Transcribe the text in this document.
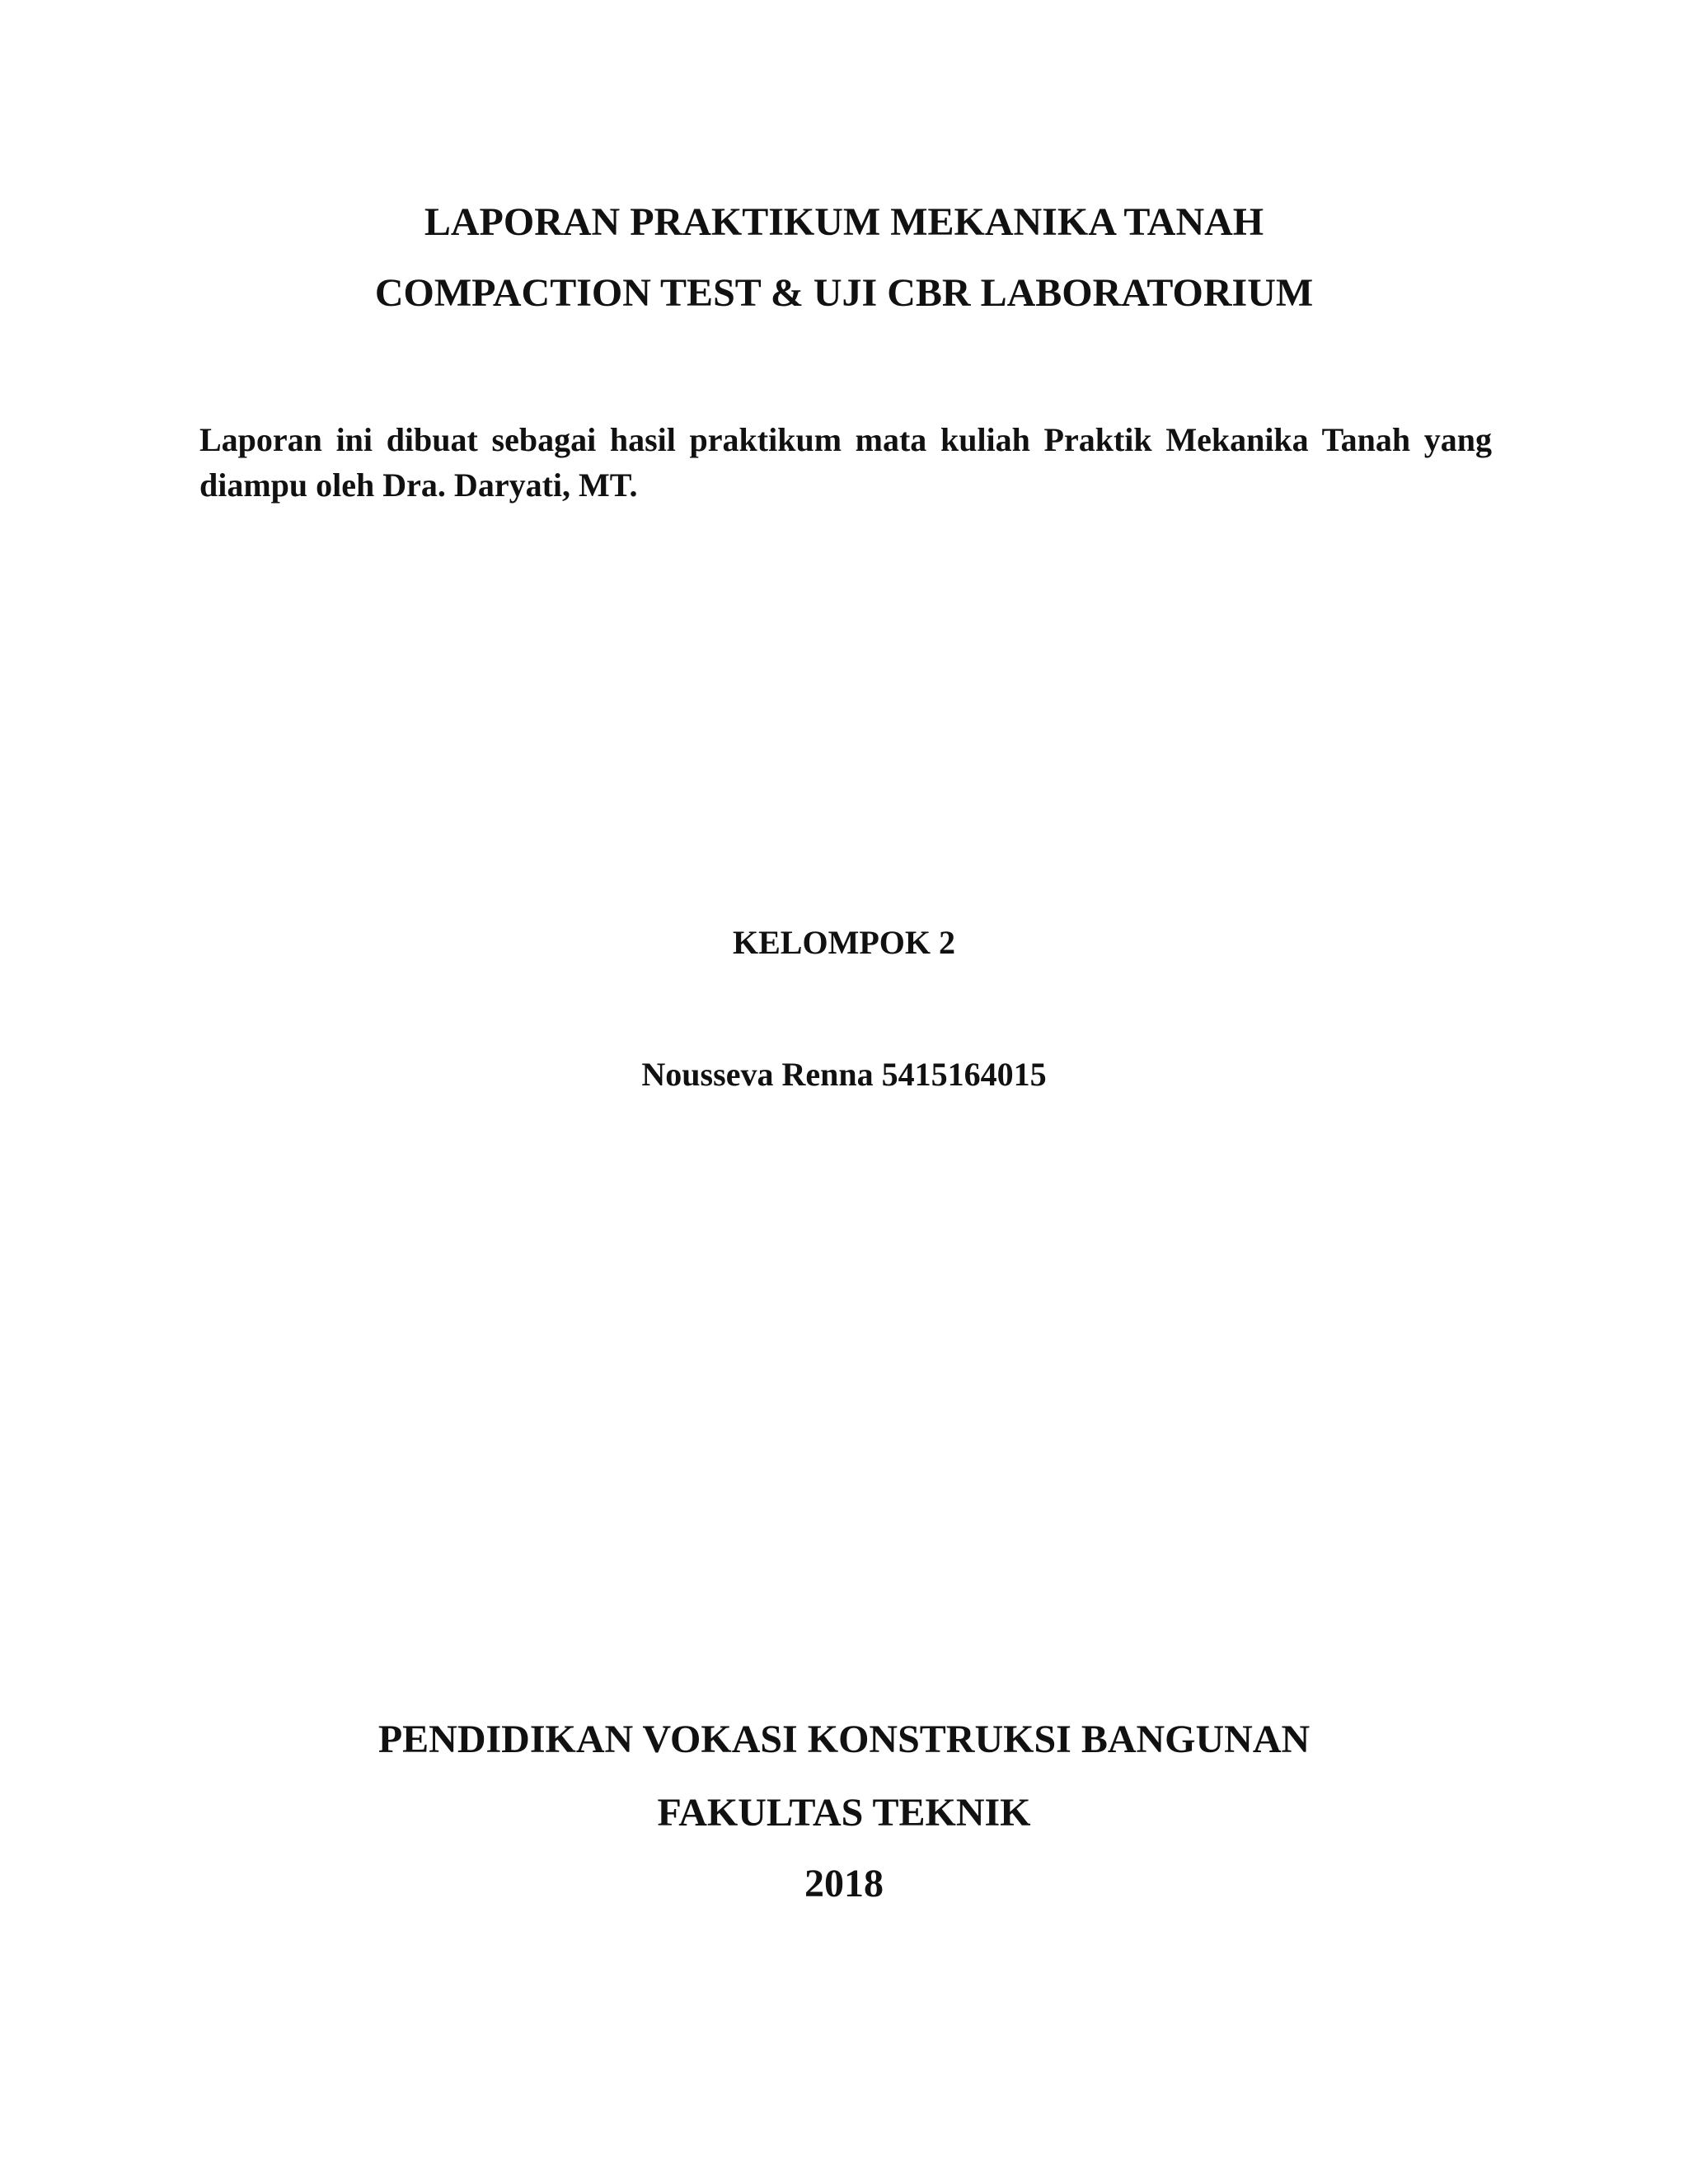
LAPORAN PRAKTIKUM MEKANIKA TANAH
COMPACTION TEST & UJI CBR LABORATORIUM
Laporan ini dibuat sebagai hasil praktikum mata kuliah Praktik Mekanika Tanah yang diampu oleh Dra. Daryati, MT.
KELOMPOK 2
Nousseva Renna 5415164015
PENDIDIKAN VOKASI KONSTRUKSI BANGUNAN
FAKULTAS TEKNIK
2018
